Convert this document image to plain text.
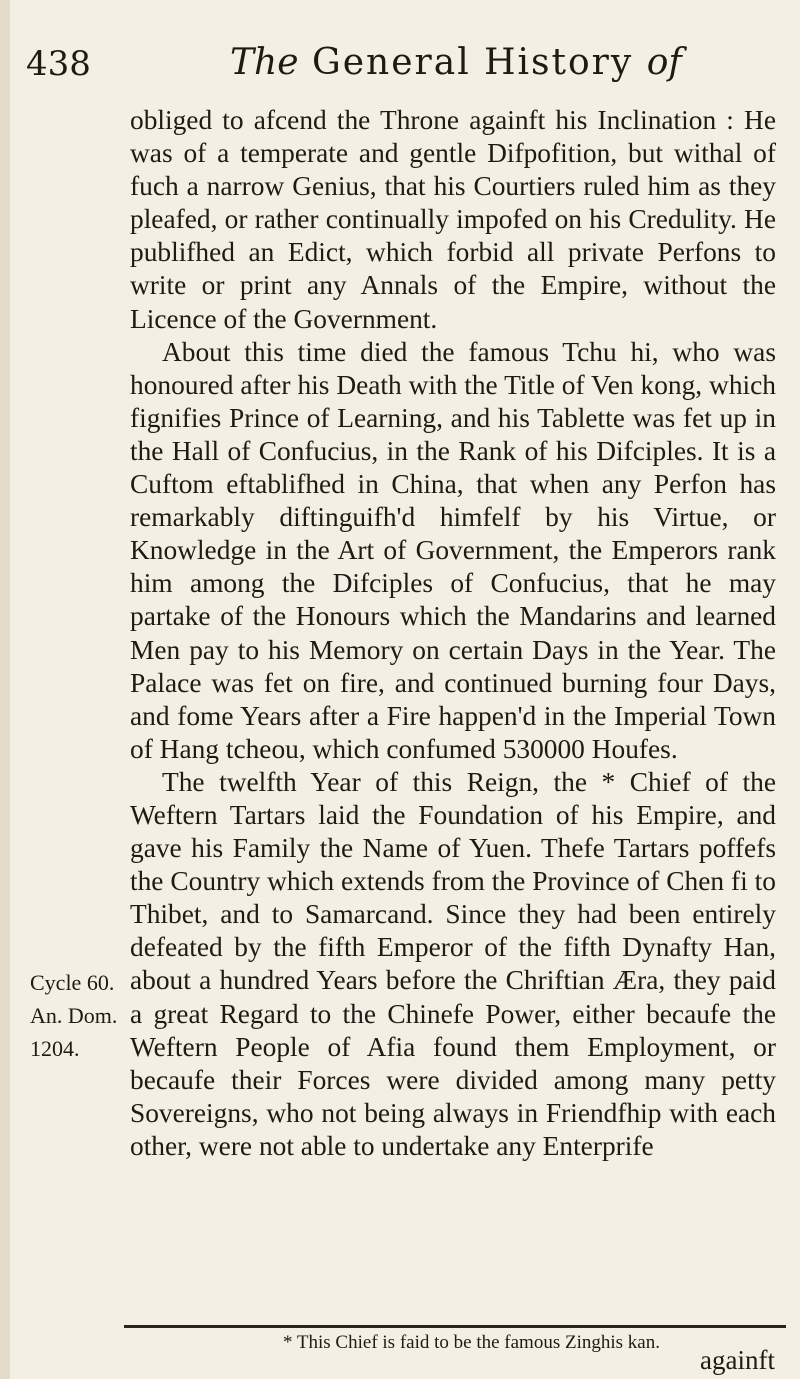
438	The General History of

obliged to afcend the Throne againft his Inclination : He was of a temperate and gentle Difpofition, but withal of fuch a narrow Genius, that his Courtiers ruled him as they pleafed, or rather continually impofed on his Credulity. He publifhed an Edict, which forbid all private Perfons to write or print any Annals of the Empire, without the Licence of the Government.

About this time died the famous Tchu hi, who was honoured after his Death with the Title of Ven kong, which fignifies Prince of Learning, and his Tablette was fet up in the Hall of Confucius, in the Rank of his Difciples. It is a Cuftom eftablifhed in China, that when any Perfon has remarkably diftinguifh'd himfelf by his Virtue, or Knowledge in the Art of Government, the Emperors rank him among the Difciples of Confucius, that he may partake of the Honours which the Mandarins and learned Men pay to his Memory on certain Days in the Year. The Palace was fet on fire, and continued burning four Days, and fome Years after a Fire happen'd in the Imperial Town of Hang tcheou, which confumed 530000 Houfes.

The twelfth Year of this Reign, the * Chief of the Weftern Tartars laid the Foundation of his Empire, and gave his Family the Name of Yuen. Thefe Tartars poffefs the Country which extends from the Province of Chen fi to Thibet, and to Samarcand. Since they had been entirely defeated by the fifth Emperor of the fifth Dynafty Han, about a hundred Years before the Chriftian Æra, they paid a great Regard to the Chinefe Power, either becaufe the Weftern People of Afia found them Employment, or becaufe their Forces were divided among many petty Sovereigns, who not being always in Friendfhip with each other, were not able to undertake any Enterprife

Cycle 60.
An. Dom.
1204.
* This Chief is faid to be the famous Zinghis kan.
againft
